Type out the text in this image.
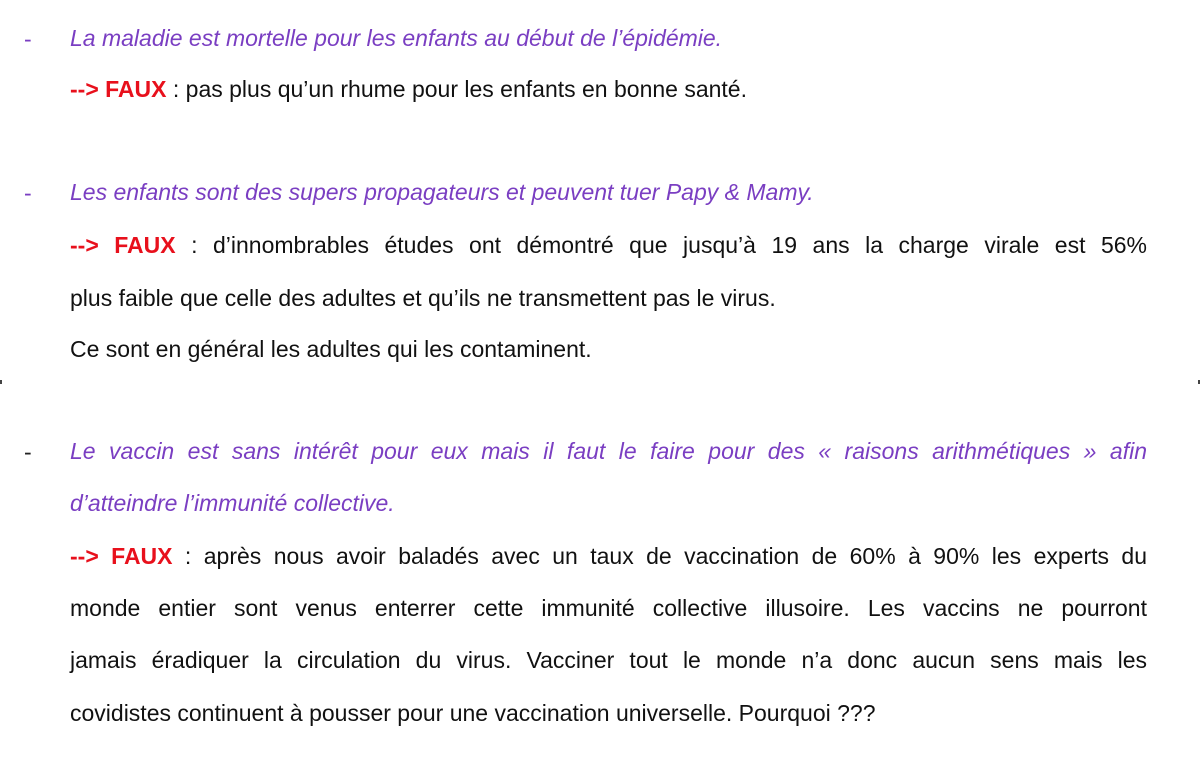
- La maladie est mortelle pour les enfants au début de l’épidémie.
--> FAUX : pas plus qu’un rhume pour les enfants en bonne santé.
- Les enfants sont des supers propagateurs et peuvent tuer Papy & Mamy.
--> FAUX : d’innombrables études ont démontré que jusqu’à 19 ans la charge virale est 56%
plus faible que celle des adultes et qu’ils ne transmettent pas le virus.
Ce sont en général les adultes qui les contaminent.
- Le vaccin est sans intérêt pour eux mais il faut le faire pour des « raisons arithmétiques » afin
d’atteindre l’immunité collective.
--> FAUX : après nous avoir baladés avec un taux de vaccination de 60% à 90% les experts du
monde entier sont venus enterrer cette immunité collective illusoire. Les vaccins ne pourront
jamais éradiquer la circulation du virus. Vacciner tout le monde n’a donc aucun sens mais les
covidistes continuent à pousser pour une vaccination universelle. Pourquoi ???
